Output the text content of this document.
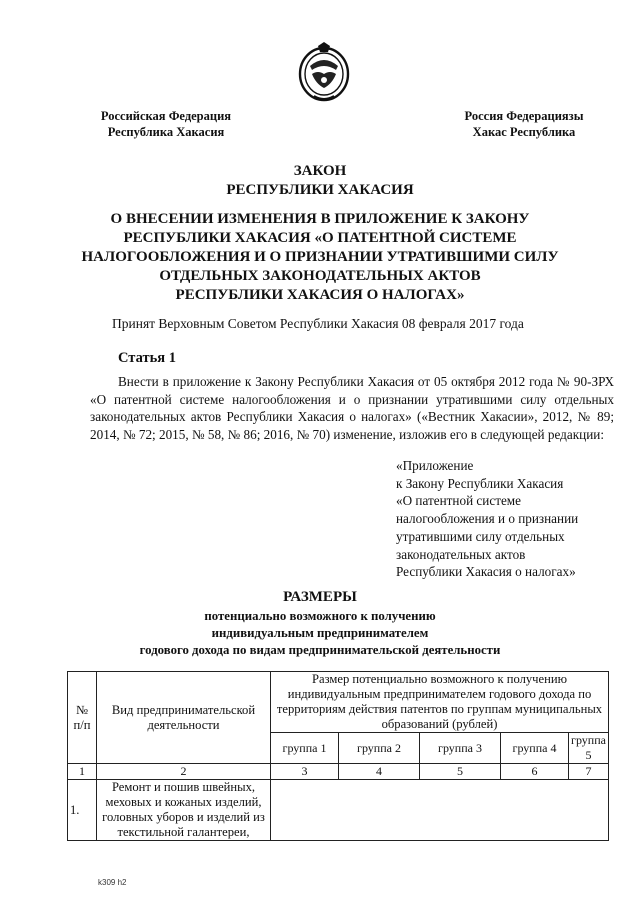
Российская Федерация
Республика Хакасия
Россия Федерациязы
Хакас Республика
ЗАКОН
РЕСПУБЛИКИ ХАКАСИЯ
О ВНЕСЕНИИ ИЗМЕНЕНИЯ В ПРИЛОЖЕНИЕ К ЗАКОНУ
РЕСПУБЛИКИ ХАКАСИЯ «О ПАТЕНТНОЙ СИСТЕМЕ
НАЛОГООБЛОЖЕНИЯ И О ПРИЗНАНИИ УТРАТИВШИМИ СИЛУ
ОТДЕЛЬНЫХ ЗАКОНОДАТЕЛЬНЫХ АКТОВ
РЕСПУБЛИКИ ХАКАСИЯ О НАЛОГАХ»
Принят Верховным Советом Республики Хакасия 08 февраля 2017 года
Статья 1
Внести в приложение к Закону Республики Хакасия от 05 октября 2012 года № 90-ЗРХ «О патентной системе налогообложения и о признании утратившими силу отдельных законодательных актов Республики Хакасия о налогах» («Вестник Хакасии», 2012, № 89; 2014, № 72; 2015, № 58, № 86; 2016, № 70) изменение, изложив его в следующей редакции:
«Приложение
к Закону Республики Хакасия
«О патентной системе
налогообложения и о признании
утратившими силу отдельных
законодательных актов
Республики Хакасия о налогах»
РАЗМЕРЫ
потенциально возможного к получению
индивидуальным предпринимателем
годового дохода по видам предпринимательской деятельности
№ п/п	Вид предпринимательской деятельности	Размер потенциально возможного к получению индивидуальным предпринимателем годового дохода по территориям действия патентов по группам муниципальных образований (рублей)				
		группа 1	группа 2	группа 3	группа 4	группа 5
1	2	3	4	5	6	7
1.	Ремонт и пошив швейных, меховых и кожаных изделий, головных уборов и изделий из текстильной галантереи,					
k309 h2
